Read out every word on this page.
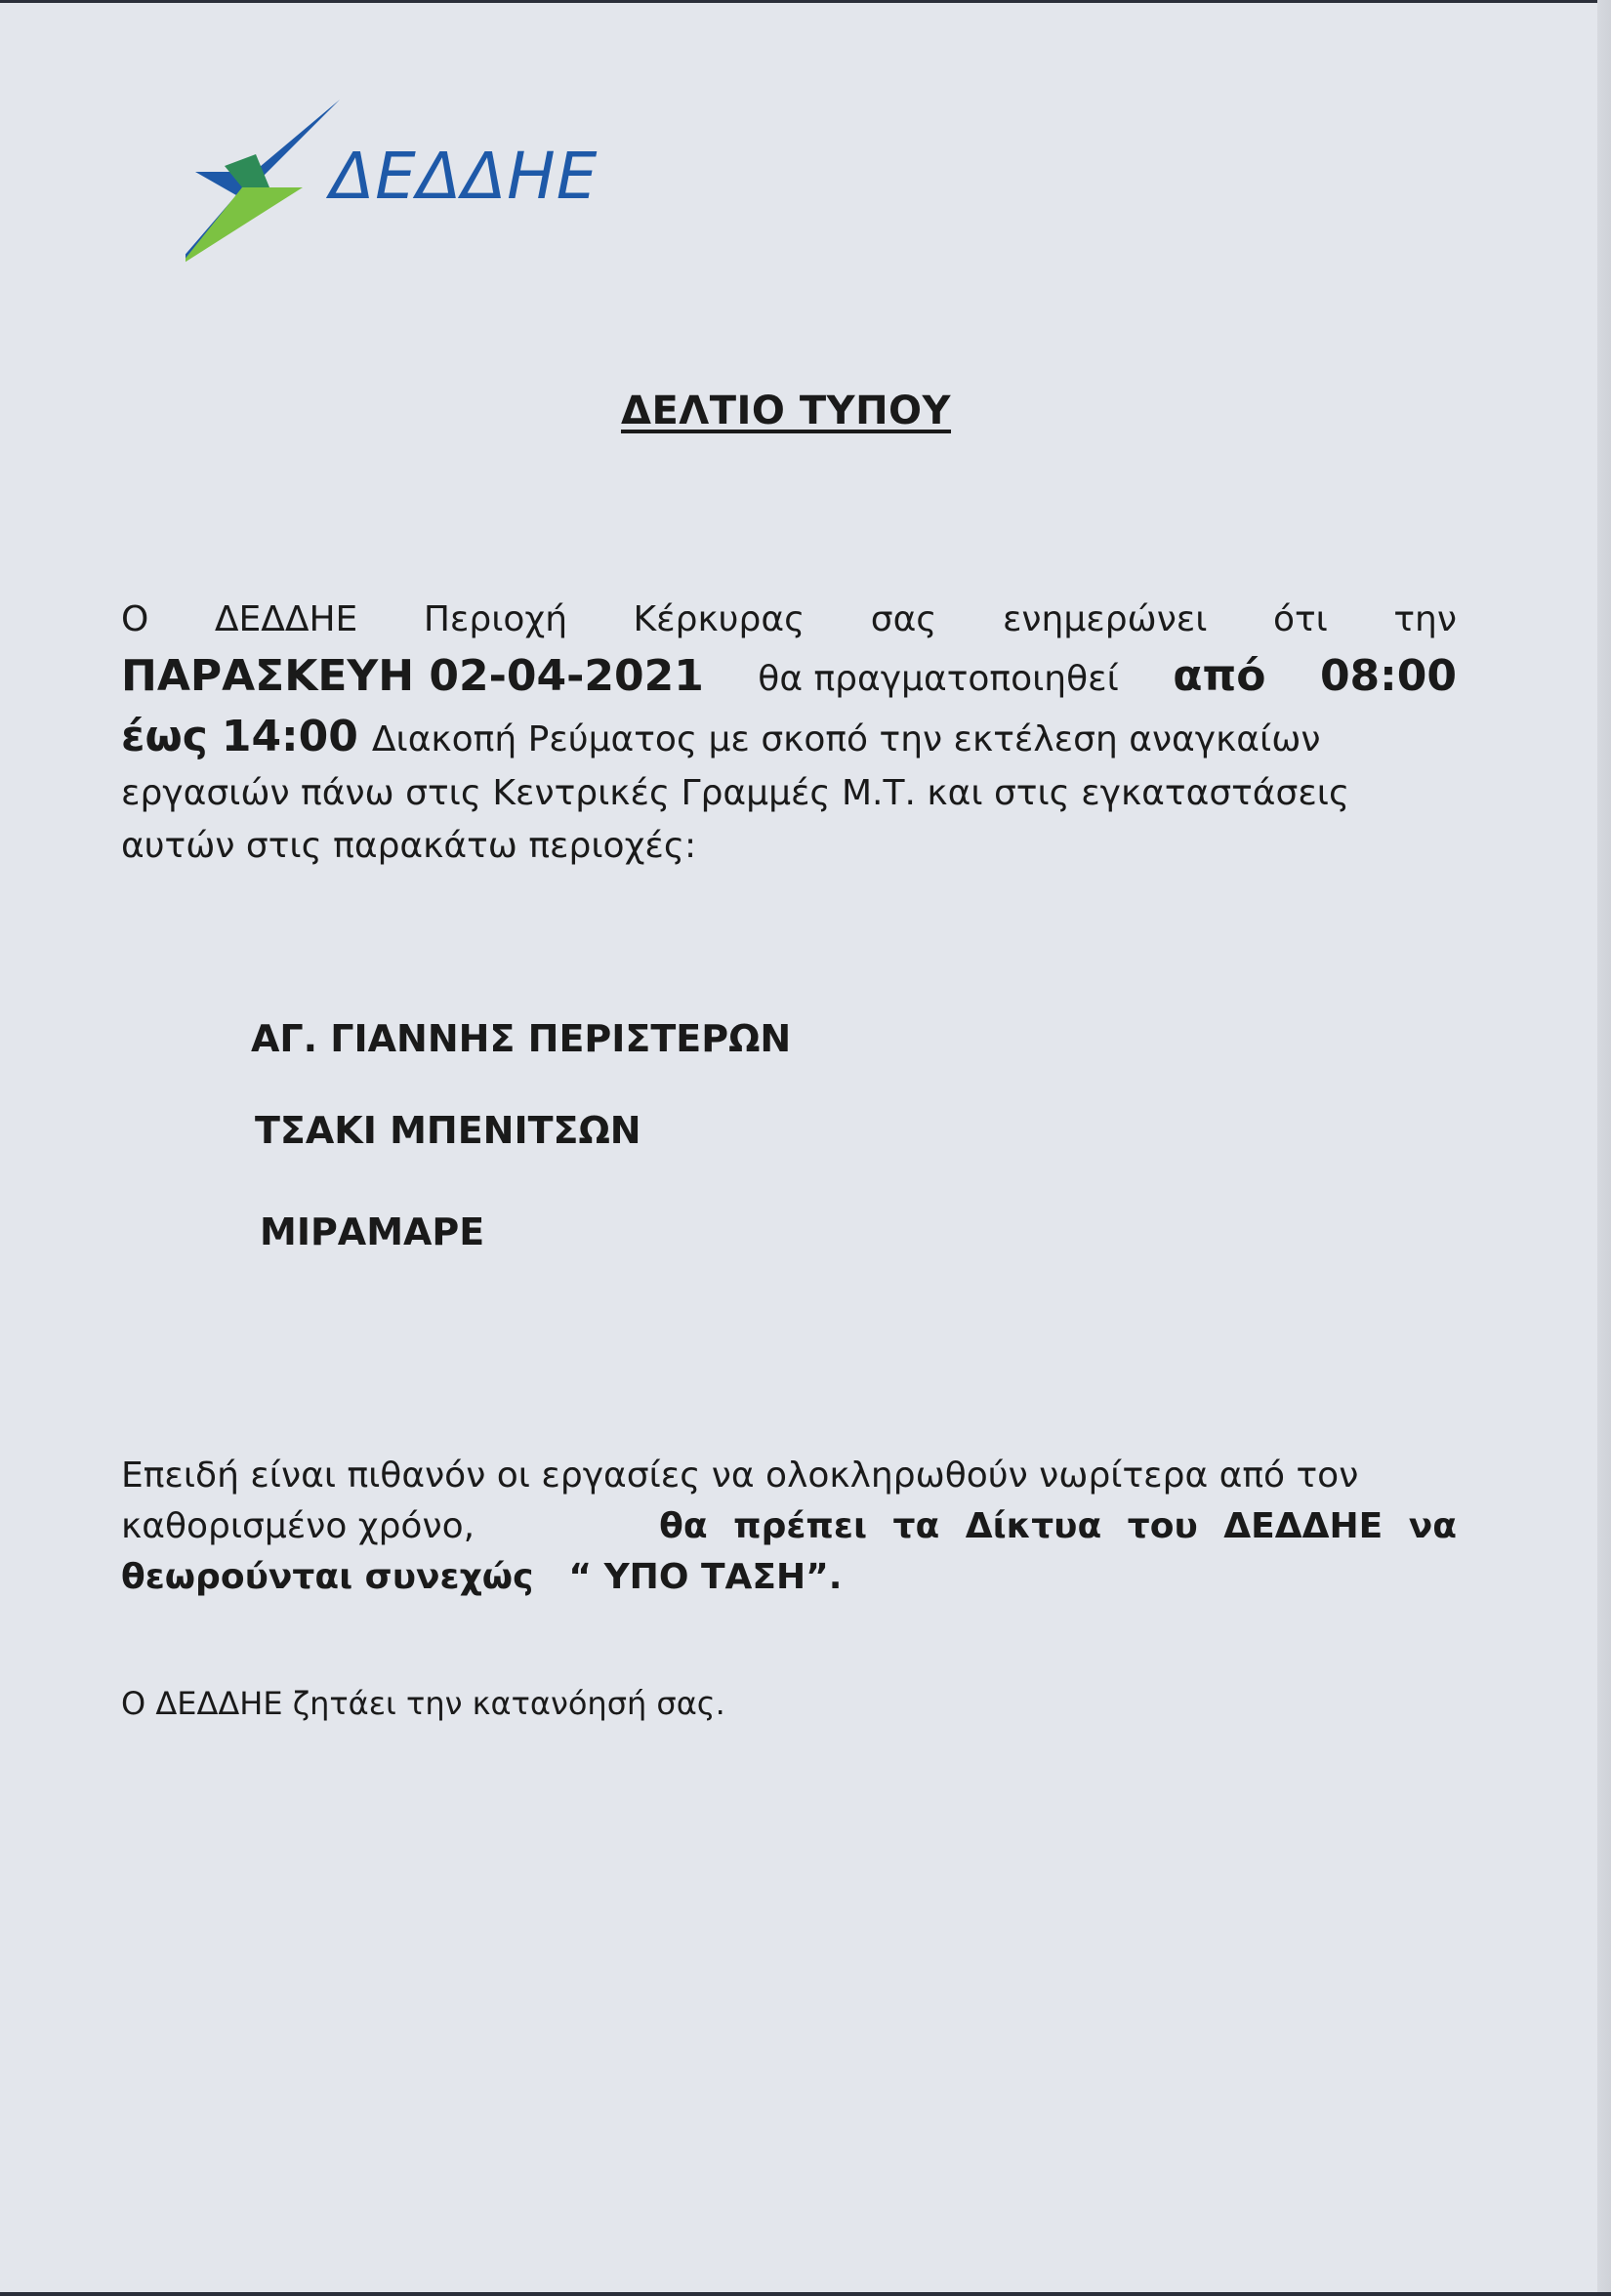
ΔΕΔΔΗΕ
ΔΕΛΤΙΟ ΤΥΠΟΥ
Ο ΔΕΔΔΗΕ Περιοχή Κέρκυρας σας ενημερώνει ότι την
ΠΑΡΑΣΚΕΥΗ 02-04-2021 θα πραγματοποιηθεί από 08:00
έως 14:00 Διακοπή Ρεύματος με σκοπό την εκτέλεση αναγκαίων
εργασιών πάνω στις Κεντρικές Γραμμές Μ.Τ. και στις εγκαταστάσεις
αυτών στις παρακάτω περιοχές:
ΑΓ. ΓΙΑΝΝΗΣ ΠΕΡΙΣΤΕΡΩΝ
ΤΣΑΚΙ ΜΠΕΝΙΤΣΩΝ
ΜΙΡΑΜΑΡΕ
Επειδή είναι πιθανόν οι εργασίες να ολοκληρωθούν νωρίτερα από τον
καθορισμένο χρόνο,	θα πρέπει τα Δίκτυα του ΔΕΔΔΗΕ να
θεωρούνται συνεχώς “ ΥΠΟ ΤΑΣΗ”.
Ο ΔΕΔΔΗΕ ζητάει την κατανόησή σας.
